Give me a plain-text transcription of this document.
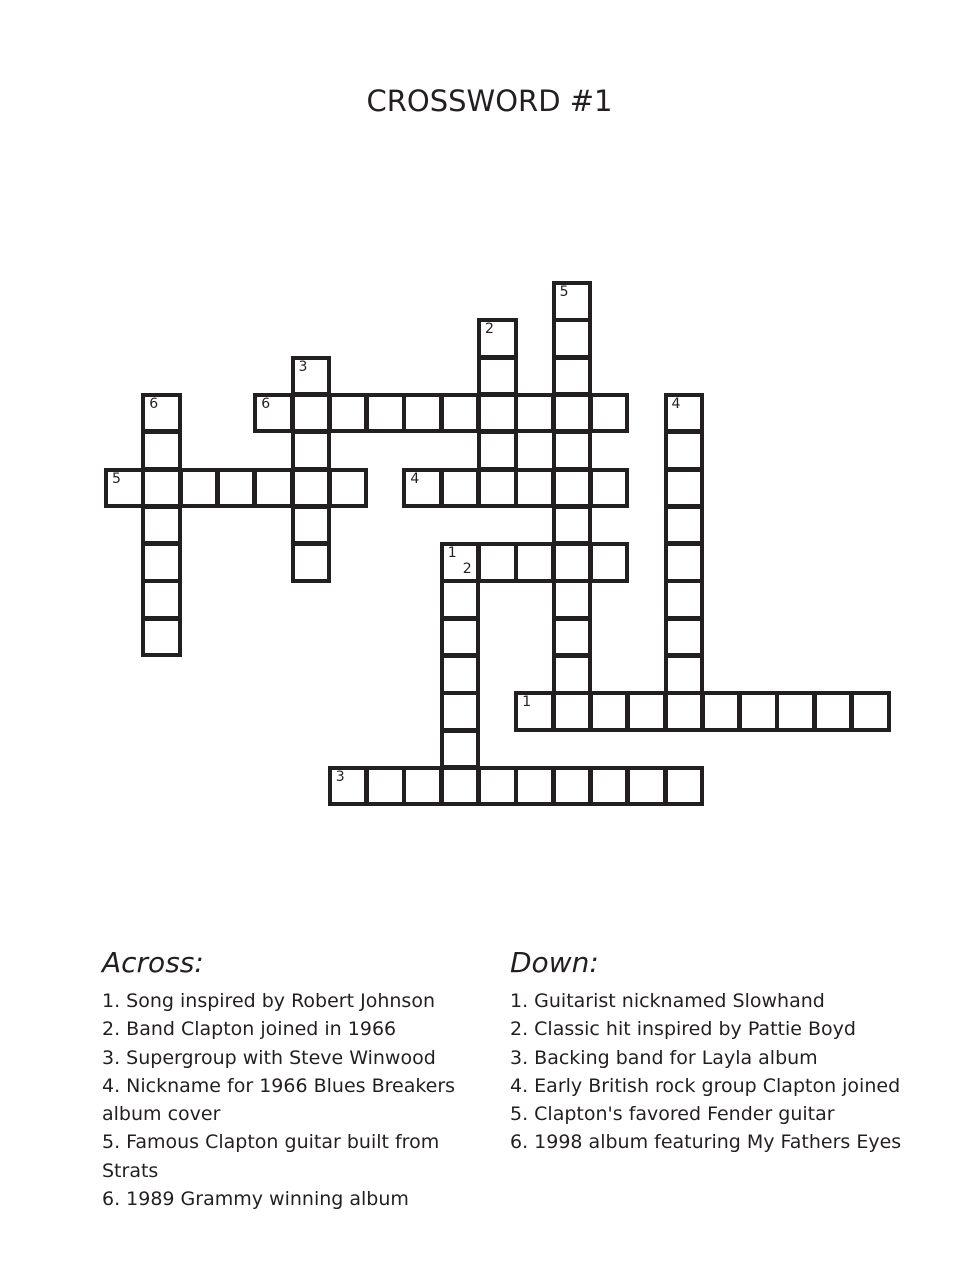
CROSSWORD #1
6
5	4
1
2
1
3
6
3
2
5
4
Across:
1. Song inspired by Robert Johnson
2. Band Clapton joined in 1966
3. Supergroup with Steve Winwood
4. Nickname for 1966 Blues Breakers album cover
5. Famous Clapton guitar built from Strats
6. 1989 Grammy winning album
Down:
1. Guitarist nicknamed Slowhand
2. Classic hit inspired by Pattie Boyd
3. Backing band for Layla album
4. Early British rock group Clapton joined
5. Clapton's favored Fender guitar
6. 1998 album featuring My Fathers Eyes
